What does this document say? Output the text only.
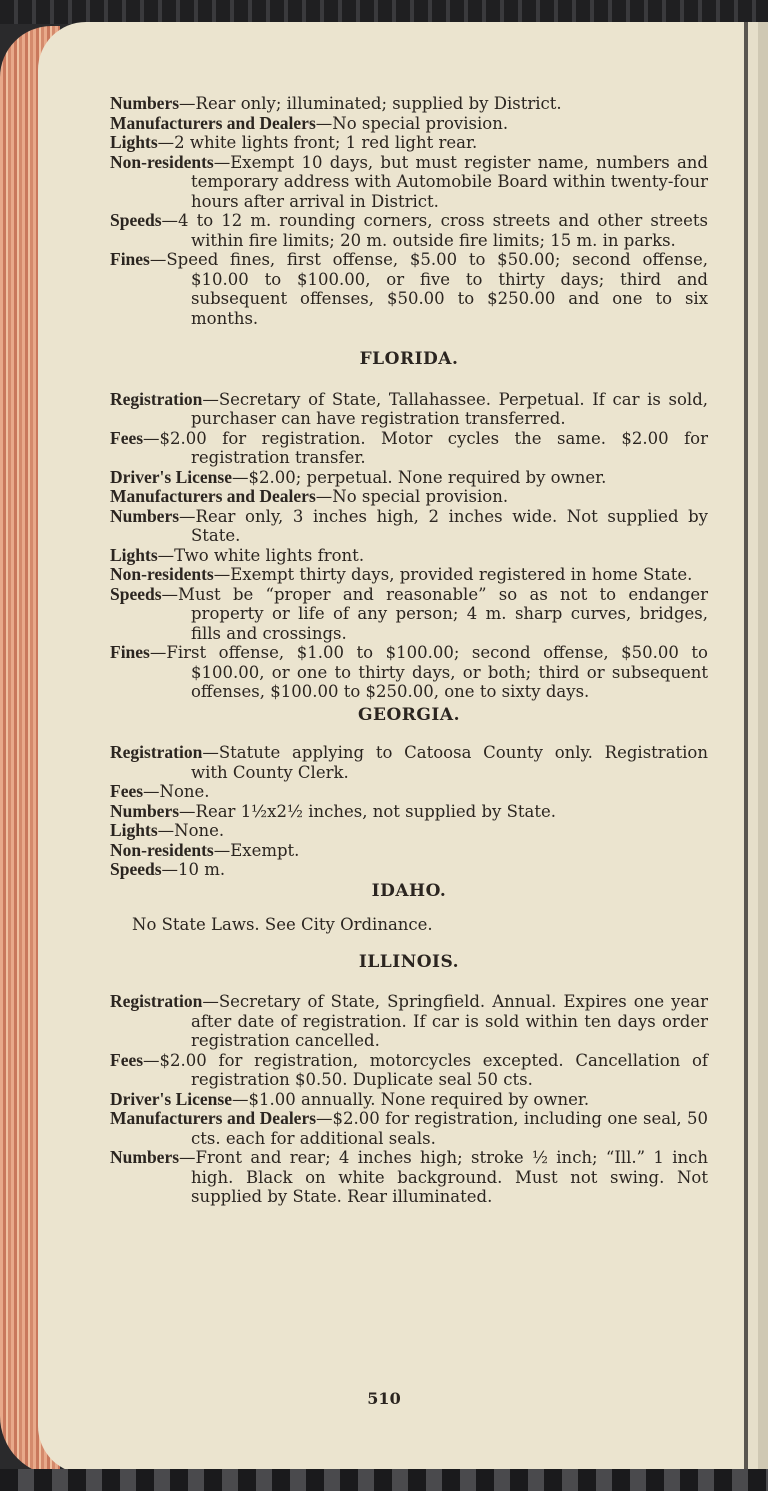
Numbers—Rear only; illuminated; supplied by District.
Manufacturers and Dealers—No special provision.
Lights—2 white lights front; 1 red light rear.
Non-residents—Exempt 10 days, but must register name, numbers and temporary address with Automobile Board within twenty-four hours after arrival in District.
Speeds—4 to 12 m. rounding corners, cross streets and other streets within fire limits; 20 m. outside fire limits; 15 m. in parks.
Fines—Speed fines, first offense, $5.00 to $50.00; second offense, $10.00 to $100.00, or five to thirty days; third and subsequent offenses, $50.00 to $250.00 and one to six months.
FLORIDA.
Registration—Secretary of State, Tallahassee. Perpetual. If car is sold, purchaser can have registration transferred.
Fees—$2.00 for registration. Motor cycles the same. $2.00 for registration transfer.
Driver's License—$2.00; perpetual. None required by owner.
Manufacturers and Dealers—No special provision.
Numbers—Rear only, 3 inches high, 2 inches wide. Not supplied by State.
Lights—Two white lights front.
Non-residents—Exempt thirty days, provided registered in home State.
Speeds—Must be “proper and reasonable” so as not to endanger property or life of any person; 4 m. sharp curves, bridges, fills and crossings.
Fines—First offense, $1.00 to $100.00; second offense, $50.00 to $100.00, or one to thirty days, or both; third or subsequent offenses, $100.00 to $250.00, one to sixty days.
GEORGIA.
Registration—Statute applying to Catoosa County only. Registration with County Clerk.
Fees—None.
Numbers—Rear 1½x2½ inches, not supplied by State.
Lights—None.
Non-residents—Exempt.
Speeds—10 m.
IDAHO.
No State Laws. See City Ordinance.
ILLINOIS.
Registration—Secretary of State, Springfield. Annual. Expires one year after date of registration. If car is sold within ten days order registration cancelled.
Fees—$2.00 for registration, motorcycles excepted. Cancellation of registration $0.50. Duplicate seal 50 cts.
Driver's License—$1.00 annually. None required by owner.
Manufacturers and Dealers—$2.00 for registration, including one seal, 50 cts. each for additional seals.
Numbers—Front and rear; 4 inches high; stroke ½ inch; “Ill.” 1 inch high. Black on white background. Must not swing. Not supplied by State. Rear illuminated.
510
